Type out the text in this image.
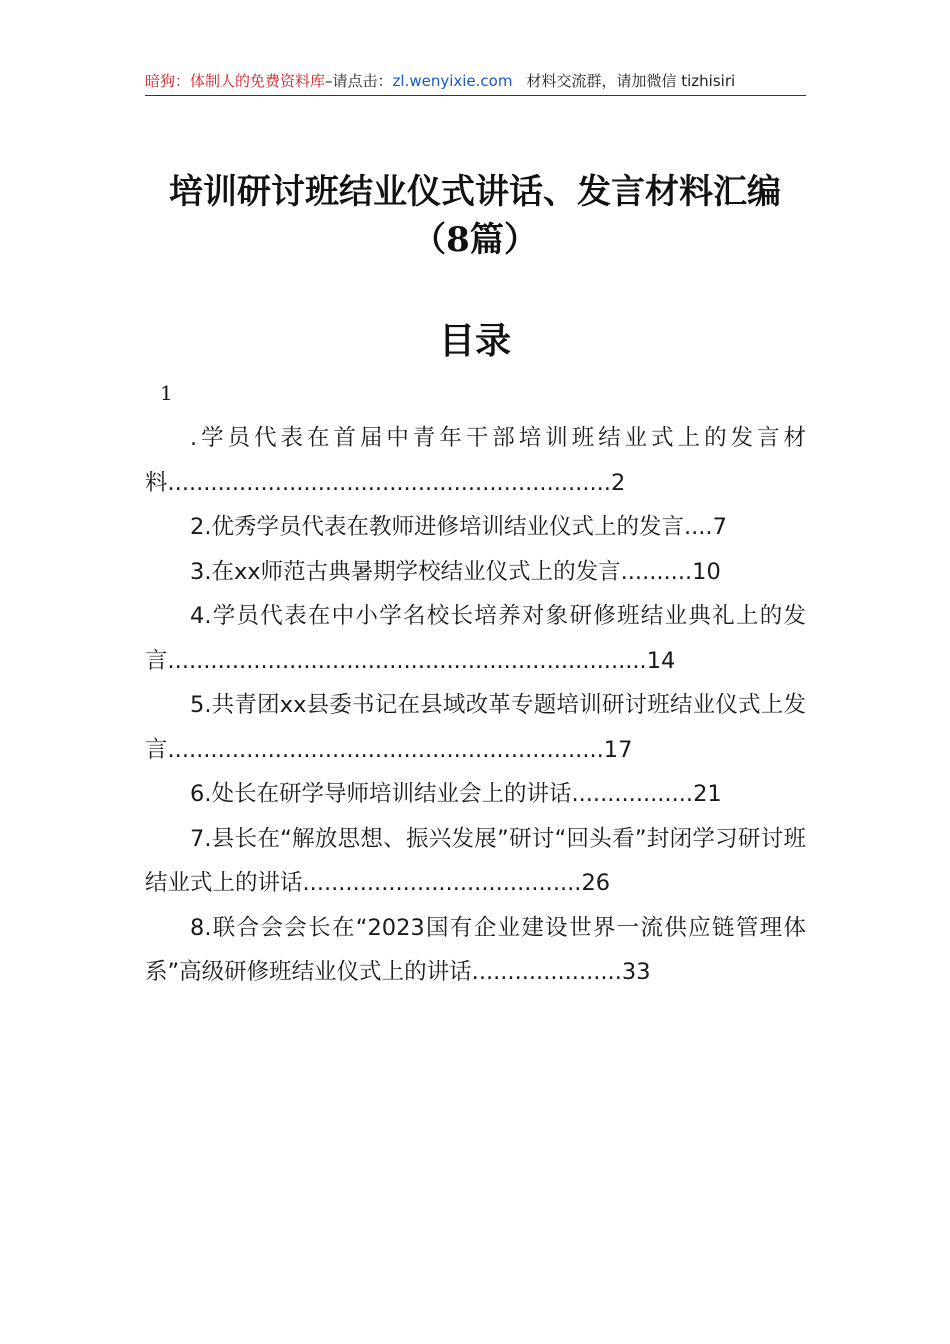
暗狗：体制人的免费资料库–请点击：zl.wenyixie.com 材料交流群，请加微信 tizhisiri
培训研讨班结业仪式讲话、发言材料汇编
（8篇）
目录
1
.学员代表在首届中青年干部培训班结业式上的发言材料..............................................................2
2.优秀学员代表在教师进修培训结业仪式上的发言....7
3.在xx师范古典暑期学校结业仪式上的发言..........10
4.学员代表在中小学名校长培养对象研修班结业典礼上的发言...................................................................14
5.共青团xx县委书记在县域改革专题培训研讨班结业仪式上发言.............................................................17
6.处长在研学导师培训结业会上的讲话.................21
7.县长在“解放思想、振兴发展”研讨“回头看”封闭学习研讨班结业式上的讲话.......................................26
8.联合会会长在“2023国有企业建设世界一流供应链管理体系”高级研修班结业仪式上的讲话.....................33
